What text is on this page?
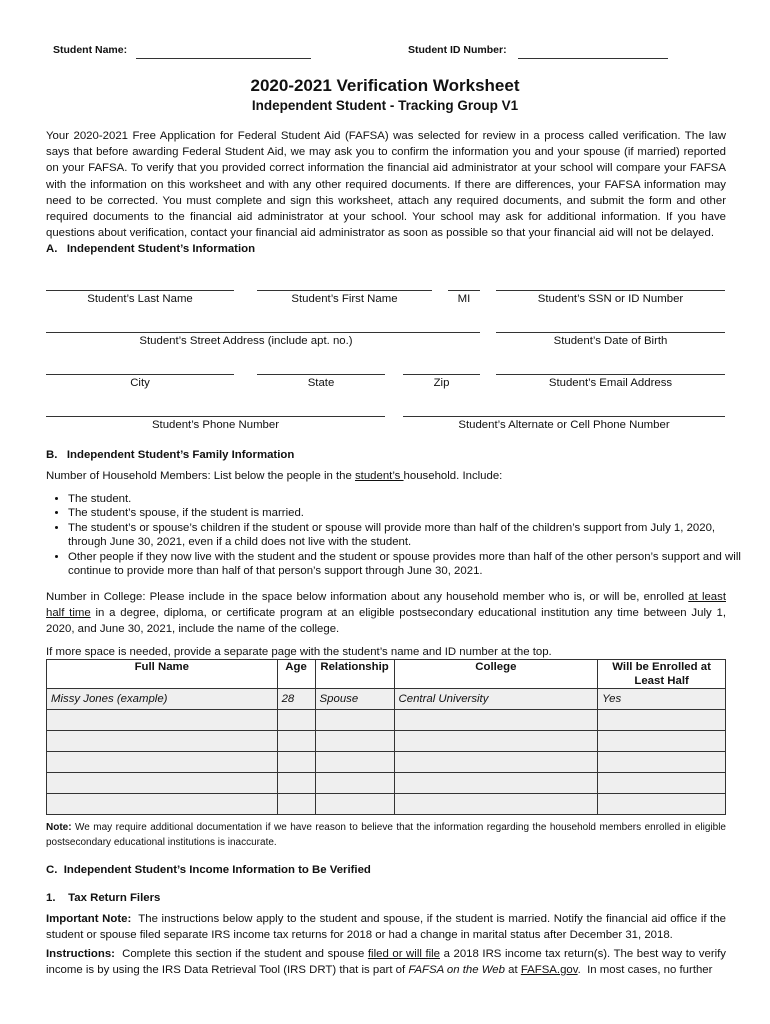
Student Name:	Student ID Number:
2020-2021 Verification Worksheet
Independent Student - Tracking Group V1

Your 2020-2021 Free Application for Federal Student Aid (FAFSA) was selected for review in a process called verification. The law says that before awarding Federal Student Aid, we may ask you to confirm the information you and your spouse (if married) reported on your FAFSA. To verify that you provided correct information the financial aid administrator at your school will compare your FAFSA with the information on this worksheet and with any other required documents. If there are differences, your FAFSA information may need to be corrected. You must complete and sign this worksheet, attach any required documents, and submit the form and other required documents to the financial aid administrator at your school. Your school may ask for additional information. If you have questions about verification, contact your financial aid administrator as soon as possible so that your financial aid will not be delayed.

A.   Independent Student’s Information
Student’s Last Name	Student’s First Name	MI	Student’s SSN or ID Number
Student’s Street Address (include apt. no.)	Student’s Date of Birth
City	State	Zip	Student’s Email Address
Student’s Phone Number	Student’s Alternate or Cell Phone Number
B.   Independent Student’s Family Information
Number of Household Members: List below the people in the student’s household. Include:
• The student.
• The student’s spouse, if the student is married.
• The student’s or spouse’s children if the student or spouse will provide more than half of the children’s support from July 1, 2020, through June 30, 2021, even if a child does not live with the student.
• Other people if they now live with the student and the student or spouse provides more than half of the other person’s support and will continue to provide more than half of that person’s support through June 30, 2021.

Number in College: Please include in the space below information about any household member who is, or will be, enrolled at least half time in a degree, diploma, or certificate program at an eligible postsecondary educational institution any time between July 1, 2020, and June 30, 2021, include the name of the college.

If more space is needed, provide a separate page with the student’s name and ID number at the top.
Full Name	Age	Relationship	College	Will be Enrolled at Least Half
Missy Jones (example)	28	Spouse	Central University	Yes

Note: We may require additional documentation if we have reason to believe that the information regarding the household members enrolled in eligible postsecondary educational institutions is inaccurate.

C.  Independent Student’s Income Information to Be Verified
1.    Tax Return Filers

Important Note:  The instructions below apply to the student and spouse, if the student is married. Notify the financial aid office if the student or spouse filed separate IRS income tax returns for 2018 or had a change in marital status after December 31, 2018.

Instructions:  Complete this section if the student and spouse filed or will file a 2018 IRS income tax return(s). The best way to verify income is by using the IRS Data Retrieval Tool (IRS DRT) that is part of FAFSA on the Web at FAFSA.gov.  In most cases, no further
